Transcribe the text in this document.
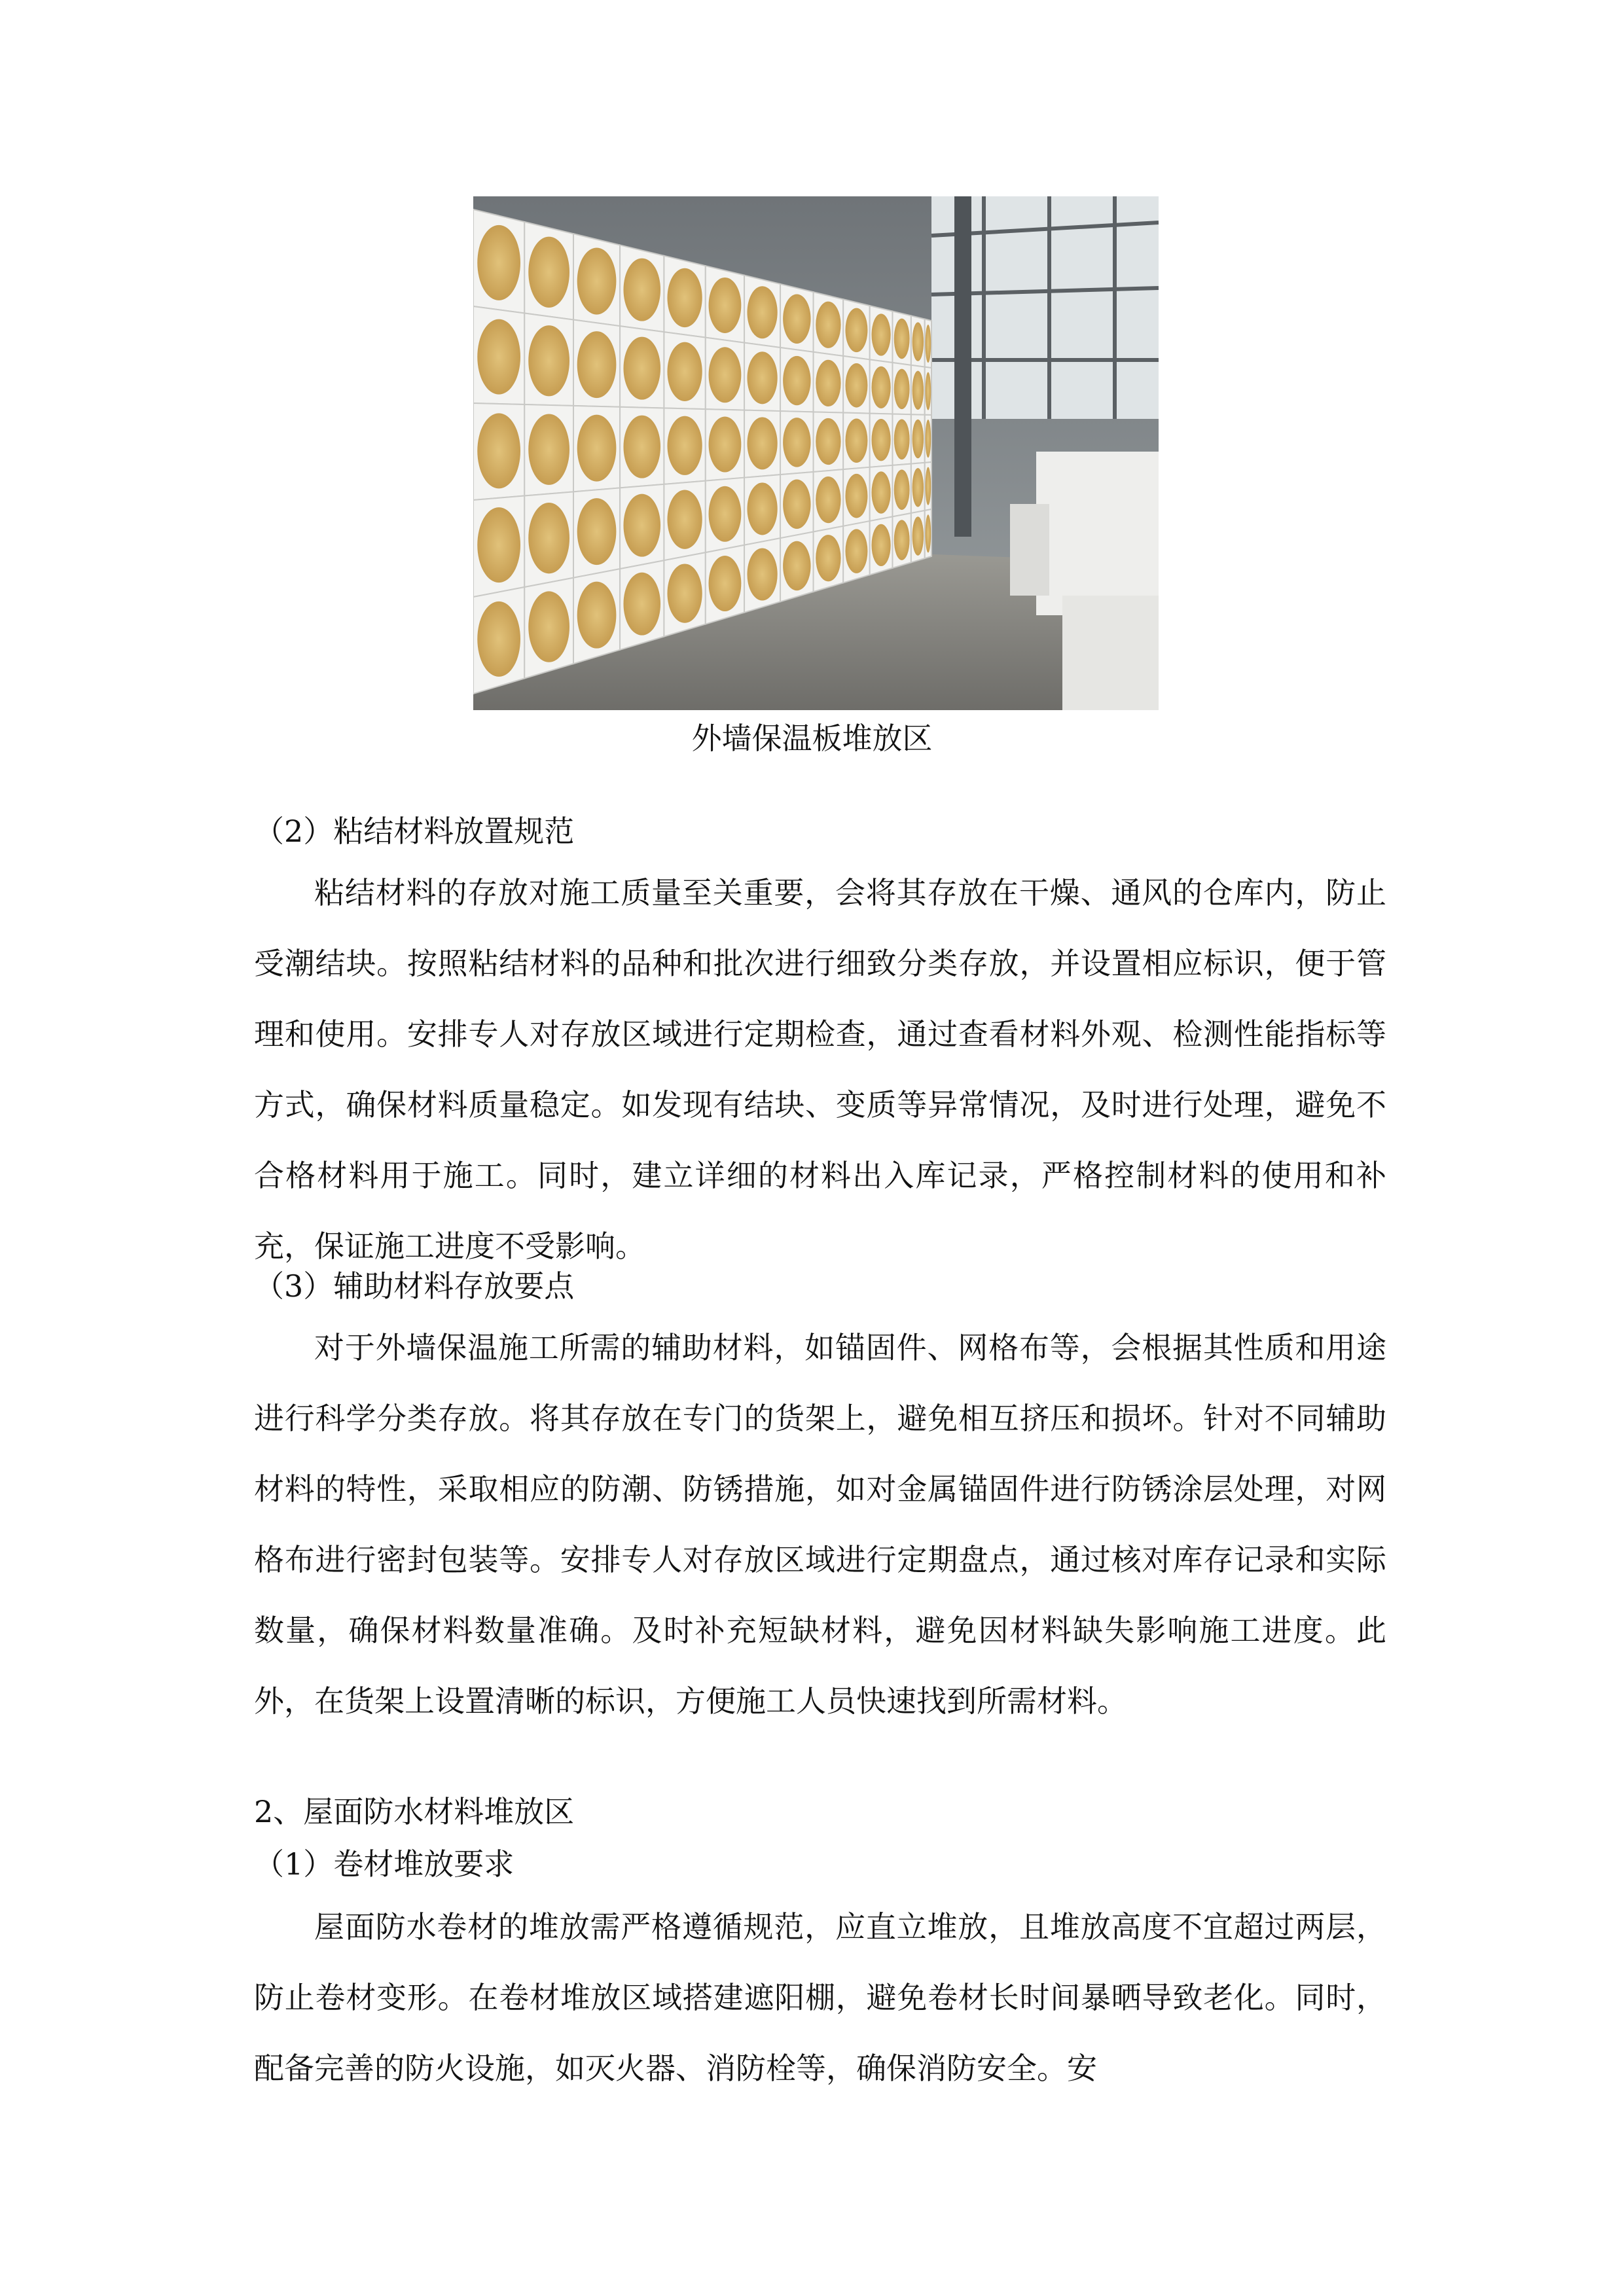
外墙保温板堆放区
（2）粘结材料放置规范

粘结材料的存放对施工质量至关重要，会将其存放在干燥、通风的仓库内，防止受潮结块。按照粘结材料的品种和批次进行细致分类存放，并设置相应标识，便于管理和使用。安排专人对存放区域进行定期检查，通过查看材料外观、检测性能指标等方式，确保材料质量稳定。如发现有结块、变质等异常情况，及时进行处理，避免不合格材料用于施工。同时，建立详细的材料出入库记录，严格控制材料的使用和补充，保证施工进度不受影响。

（3）辅助材料存放要点

对于外墙保温施工所需的辅助材料，如锚固件、网格布等，会根据其性质和用途进行科学分类存放。将其存放在专门的货架上，避免相互挤压和损坏。针对不同辅助材料的特性，采取相应的防潮、防锈措施，如对金属锚固件进行防锈涂层处理，对网格布进行密封包装等。安排专人对存放区域进行定期盘点，通过核对库存记录和实际数量，确保材料数量准确。及时补充短缺材料，避免因材料缺失影响施工进度。此外，在货架上设置清晰的标识，方便施工人员快速找到所需材料。

2、屋面防水材料堆放区
（1）卷材堆放要求

屋面防水卷材的堆放需严格遵循规范，应直立堆放，且堆放高度不宜超过两层，防止卷材变形。在卷材堆放区域搭建遮阳棚，避免卷材长时间暴晒导致老化。同时，配备完善的防火设施，如灭火器、消防栓等，确保消防安全。安
